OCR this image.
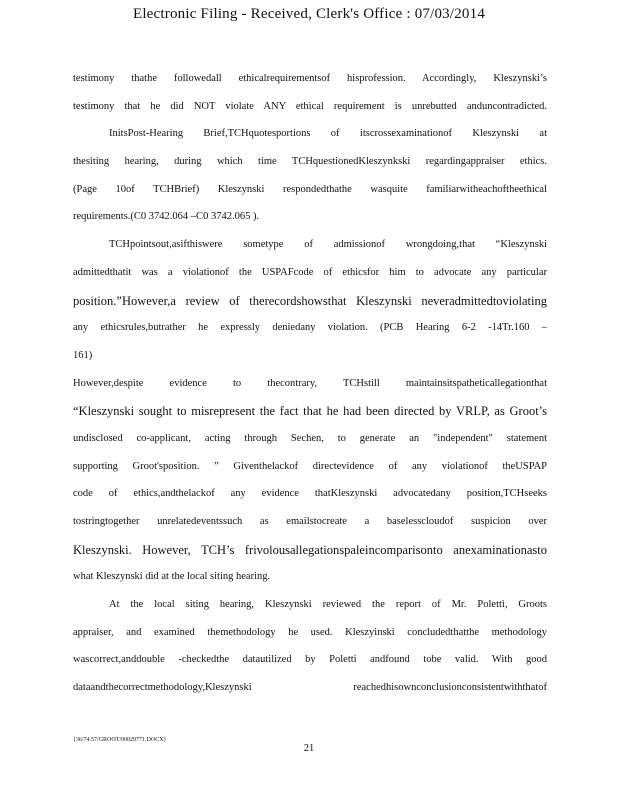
Electronic Filing - Received, Clerk's Office : 07/03/2014
testimony thathe followedall ethicalrequirementsof hisprofession. Accordingly, Kleszynski’s
testimony that he did NOT violate ANY ethical requirement is unrebutted anduncontradicted.
InitsPost-Hearing Brief,TCHquotesportions of itscrossexaminationof Kleszynski at
thesiting hearing, during which time TCHquestionedKleszynkski regardingappraiser ethics.
(Page 10of TCHBrief) Kleszynski respondedthathe wasquite familiarwitheachoftheethical
requirements.(C0 3742.064 –C0 3742.065 ).
TCHpointsout,asifthiswere sometype of admissionof wrongdoing,that “Kleszynski
admittedthatit was a violationof the USPAFcode of ethicsfor him to advocate any particular
position.”However,a review of therecordshowsthat Kleszynski neveradmittedtoviolating
any ethicsrules,butrather he expressly deniedany violation. (PCB Hearing 6-2 -14Tr.160 –
161)
However,despite evidence to thecontrary, TCHstill maintainsitspatheticallegationthat
“Kleszynski sought to misrepresent the fact that he had been directed by VRLP, as Groot’s
undisclosed co-applicant, acting through Sechen, to generate an "independent" statement
supporting Groot'sposition. ” Giventhelackof directevidence of any violationof theUSPAP
code of ethics,andthelackof any evidence thatKleszynski advocatedany position,TCHseeks
tostringtogether unrelatedeventssuch as emailstocreate a baselesscloudof suspicion over
Kleszynski. However, TCH’s frivolousallegationspaleincomparisonto anexaminationasto
what Kleszynski did at the local siting hearing.
At the local siting hearing, Kleszynski reviewed the report of Mr. Poletti, Groots
appraiser, and examined themethodology he used. Kleszyinski concludedthatthe methodology
wascorrect,anddouble -checkedthe datautilized by Poletti andfound tobe valid. With good
dataandthecorrectmethodology,Kleszynski reachedhisownconclusionconsistentwiththatof
{36/74.57/GROOT/00029771.DOCX}
21
